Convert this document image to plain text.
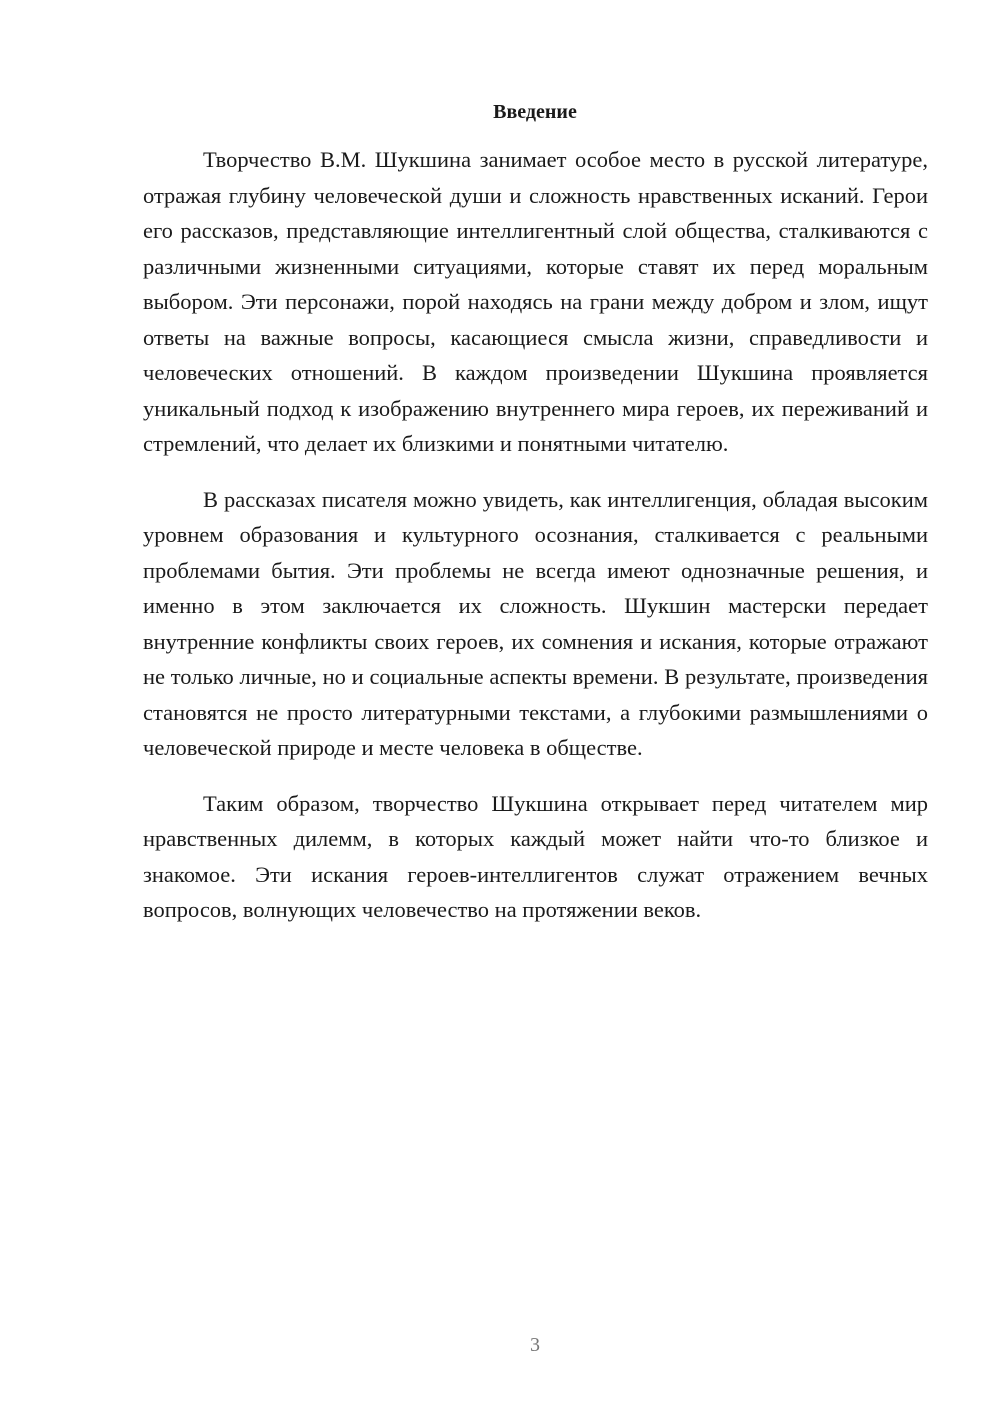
Введение

Творчество В.М. Шукшина занимает особое место в русской литературе, отражая глубину человеческой души и сложность нравственных исканий. Герои его рассказов, представляющие интеллигентный слой общества, сталкиваются с различными жизненными ситуациями, которые ставят их перед моральным выбором. Эти персонажи, порой находясь на грани между добром и злом, ищут ответы на важные вопросы, касающиеся смысла жизни, справедливости и человеческих отношений. В каждом произведении Шукшина проявляется уникальный подход к изображению внутреннего мира героев, их переживаний и стремлений, что делает их близкими и понятными читателю.

В рассказах писателя можно увидеть, как интеллигенция, обладая высоким уровнем образования и культурного осознания, сталкивается с реальными проблемами бытия. Эти проблемы не всегда имеют однозначные решения, и именно в этом заключается их сложность. Шукшин мастерски передает внутренние конфликты своих героев, их сомнения и искания, которые отражают не только личные, но и социальные аспекты времени. В результате, произведения становятся не просто литературными текстами, а глубокими размышлениями о человеческой природе и месте человека в обществе.

Таким образом, творчество Шукшина открывает перед читателем мир нравственных дилемм, в которых каждый может найти что-то близкое и знакомое. Эти искания героев-интеллигентов служат отражением вечных вопросов, волнующих человечество на протяжении веков.

3
